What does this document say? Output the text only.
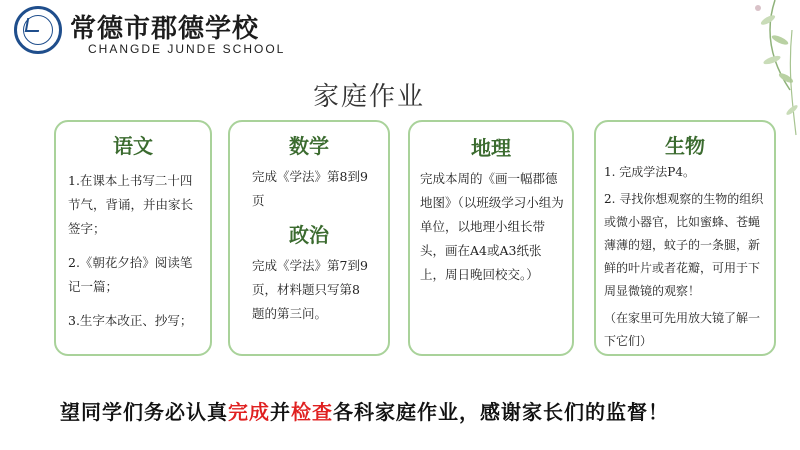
常德市郡德学校
CHANGDE JUNDE SCHOOL
家庭作业
语文

1.在课本上书写二十四节气，背诵，并由家长签字；

2.《朝花夕拾》阅读笔记一篇；

3.生字本改正、抄写；

数学
完成《学法》第8到9页
政治
完成《学法》第7到9页，材料题只写第8题的第三问。
地理
完成本周的《画一幅郡德地图》（以班级学习小组为单位，以地理小组长带头，画在A4或A3纸张上，周日晚回校交。）
生物

1. 完成学法P4。

2. 寻找你想观察的生物的组织或微小器官，比如蜜蜂、苍蝇薄薄的翅，蚊子的一条腿，新鲜的叶片或者花瓣，可用于下周显微镜的观察！

（在家里可先用放大镜了解一下它们）

望同学们务必认真完成并检查各科家庭作业，感谢家长们的监督！
